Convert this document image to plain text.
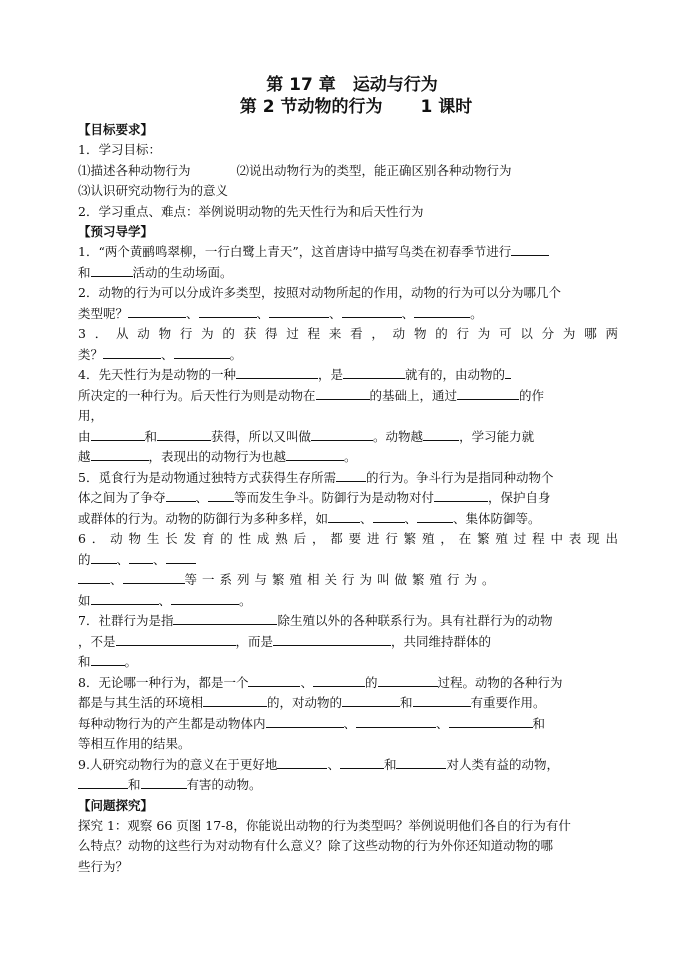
第 17 章　运动与行为

第 2 节动物的行为 1 课时

【目标要求】

1．学习目标：

⑴描述各种动物行为	⑵说出动物行为的类型，能正确区别各种动物行为

⑶认识研究动物行为的意义

2．学习重点、难点：举例说明动物的先天性行为和后天性行为

【预习导学】

1．“两个黄鹂鸣翠柳，一行白鹭上青天”，这首唐诗中描写鸟类在初春季节进行

和	活动的生动场面。

2．动物的行为可以分成许多类型，按照对动物所起的作用，动物的行为可以分为哪几个

类型呢？	、	、	、	、	。

3．从动物行为的获得过程来看，动物的行为可以分为哪两

类？	、	。

4．先天性行为是动物的一种	，是	就有的，由动物的

所决定的一种行为。后天性行为则是动物在	的基础上，通过	的作

用，

由	和	获得，所以又叫做	。动物越	，学习能力就

越	，表现出的动物行为也越	。

5．觅食行为是动物通过独特方式获得生存所需 的行为。争斗行为是指同种动物个

体之间为了争夺 、 等而发生争斗。防御行为是动物对付	，保护自身

或群体的行为。动物的防御行为多种多样，如	、	、	、集体防御等。

6．动物生长发育的性成熟后，都要进行繁殖，在繁殖过程中表现出

的 、 、

、	等一系列与繁殖相关行为叫做繁殖行为。

如	、	。

7．社群行为是指	除生殖以外的各种联系行为。具有社群行为的动物

，不是	，而是	，共同维持群体的

和	。

8．无论哪一种行为，都是一个	、	的	过程。动物的各种行为

都是与其生活的环境相	的，对动物的	和	有重要作用。

每种动物行为的产生都是动物体内	、	、	和

等相互作用的结果。

9.人研究动物行为的意义在于更好地	、	和	对人类有益的动物，

和	有害的动物。

【问题探究】

探究 1：观察 66 页图 17-8，你能说出动物的行为类型吗？举例说明他们各自的行为有什

么特点？动物的这些行为对动物有什么意义？除了这些动物的行为外你还知道动物的哪

些行为？
